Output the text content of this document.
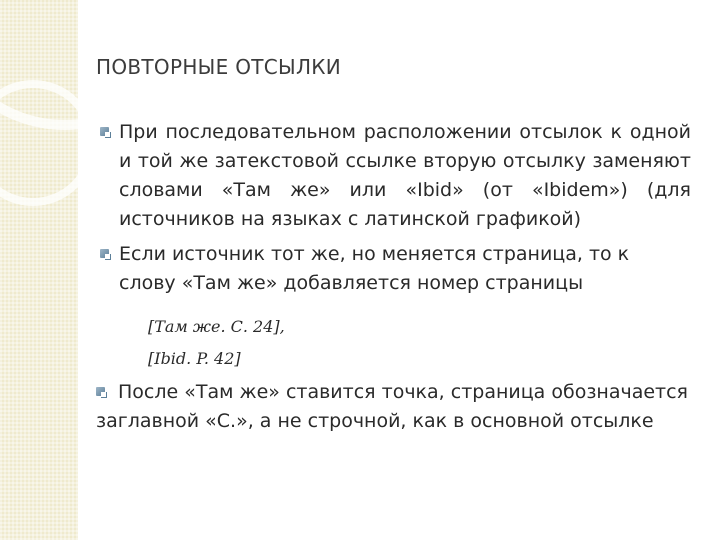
ПОВТОРНЫЕ ОТСЫЛКИ
При последовательном расположении отсылок к одной и той же затекстовой ссылке вторую отсылку заменяют словами «Там же» или «Ibid» (от «Ibidem») (для источников на языках с латинской графикой)
Если источник тот же, но меняется страница, то к слову «Там же» добавляется номер страницы
[Там же. С. 24],
[Ibid. P. 42]
После «Там же» ставится точка, страница обозначается заглавной «С.», а не строчной, как в основной отсылке
